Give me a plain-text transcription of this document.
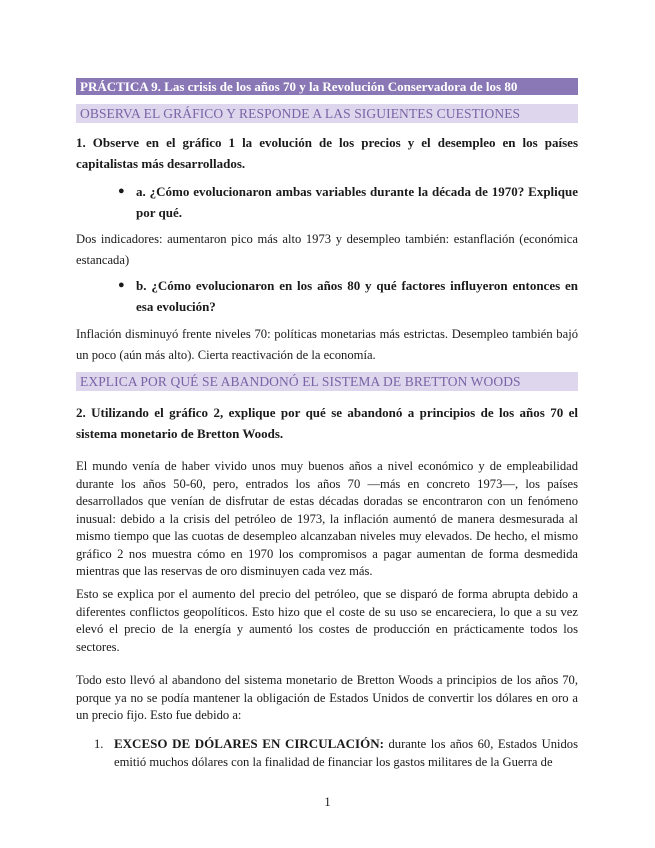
PRÁCTICA 9. Las crisis de los años 70 y la Revolución Conservadora de los 80
OBSERVA EL GRÁFICO Y RESPONDE A LAS SIGUIENTES CUESTIONES
1. Observe en el gráfico 1 la evolución de los precios y el desempleo en los países capitalistas más desarrollados.
● a. ¿Cómo evolucionaron ambas variables durante la década de 1970? Explique por qué.
Dos indicadores: aumentaron pico más alto 1973 y desempleo también: estanflación (económica estancada)
● b. ¿Cómo evolucionaron en los años 80 y qué factores influyeron entonces en esa evolución?
Inflación disminuyó frente niveles 70: políticas monetarias más estrictas. Desempleo también bajó un poco (aún más alto). Cierta reactivación de la economía.
EXPLICA POR QUÉ SE ABANDONÓ EL SISTEMA DE BRETTON WOODS
2. Utilizando el gráfico 2, explique por qué se abandonó a principios de los años 70 el sistema monetario de Bretton Woods.
El mundo venía de haber vivido unos muy buenos años a nivel económico y de empleabilidad durante los años 50-60, pero, entrados los años 70 —más en concreto 1973—, los países desarrollados que venían de disfrutar de estas décadas doradas se encontraron con un fenómeno inusual: debido a la crisis del petróleo de 1973, la inflación aumentó de manera desmesurada al mismo tiempo que las cuotas de desempleo alcanzaban niveles muy elevados. De hecho, el mismo gráfico 2 nos muestra cómo en 1970 los compromisos a pagar aumentan de forma desmedida mientras que las reservas de oro disminuyen cada vez más.
Esto se explica por el aumento del precio del petróleo, que se disparó de forma abrupta debido a diferentes conflictos geopolíticos. Esto hizo que el coste de su uso se encareciera, lo que a su vez elevó el precio de la energía y aumentó los costes de producción en prácticamente todos los sectores.
Todo esto llevó al abandono del sistema monetario de Bretton Woods a principios de los años 70, porque ya no se podía mantener la obligación de Estados Unidos de convertir los dólares en oro a un precio fijo. Esto fue debido a:
1. EXCESO DE DÓLARES EN CIRCULACIÓN: durante los años 60, Estados Unidos emitió muchos dólares con la finalidad de financiar los gastos militares de la Guerra de
1
